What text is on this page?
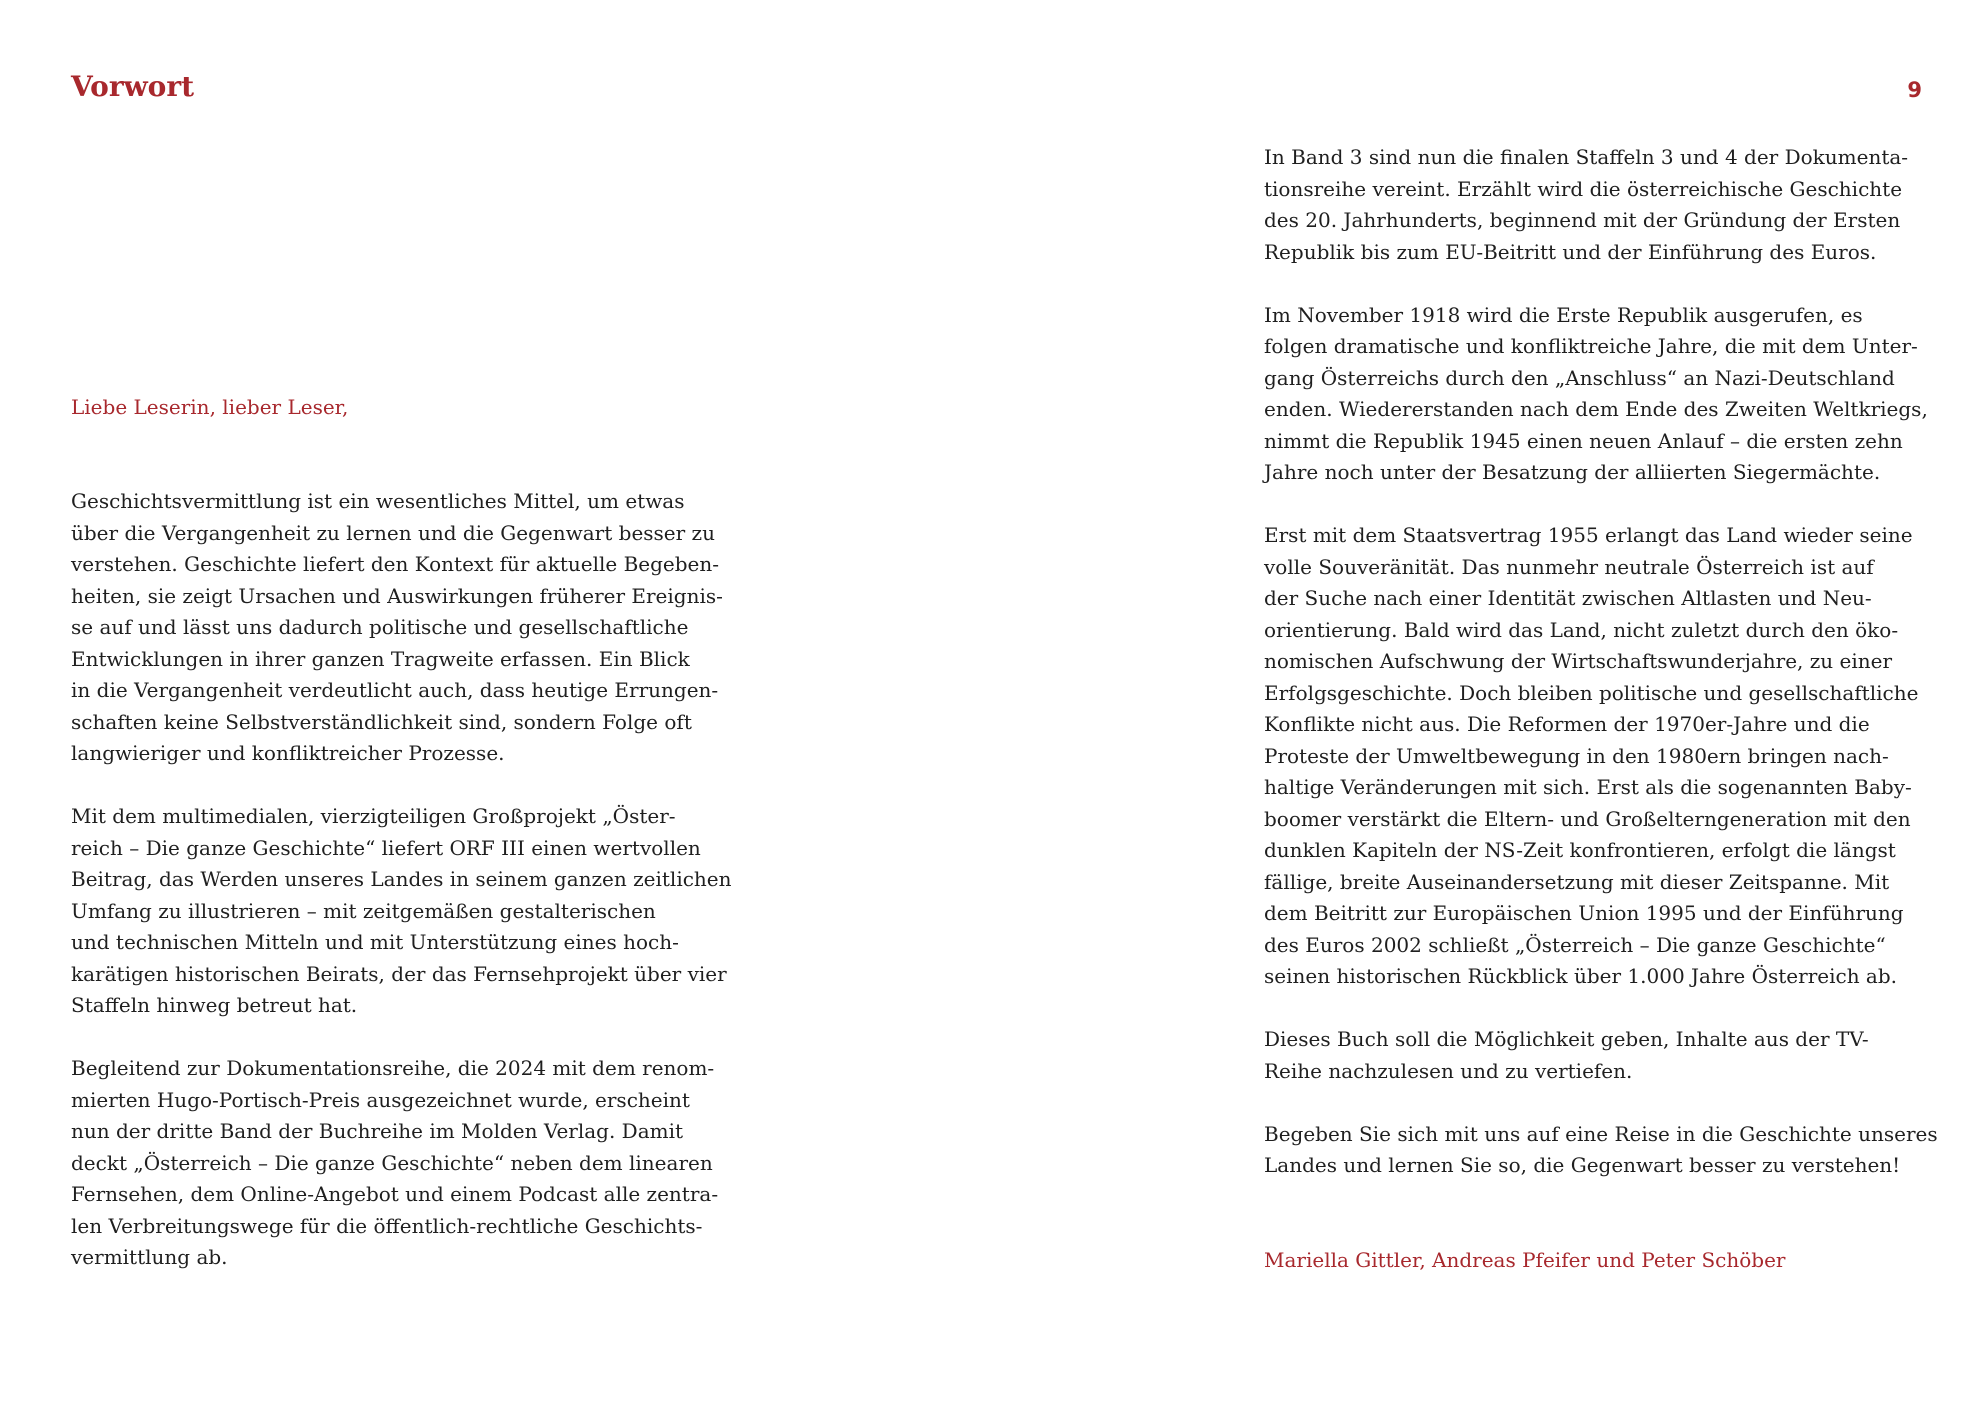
Vorwort	9
Liebe Leserin, lieber Leser,

Geschichtsvermittlung ist ein wesentliches Mittel, um etwas
über die Vergangenheit zu lernen und die Gegenwart besser zu
verstehen. Geschichte liefert den Kontext für aktuelle Begeben-
heiten, sie zeigt Ursachen und Auswirkungen früherer Ereignis-
se auf und lässt uns dadurch politische und gesellschaftliche
Entwicklungen in ihrer ganzen Tragweite erfassen. Ein Blick
in die Vergangenheit verdeutlicht auch, dass heutige Errungen-
schaften keine Selbstverständlichkeit sind, sondern Folge oft
langwieriger und konfliktreicher Prozesse.

Mit dem multimedialen, vierzigteiligen Großprojekt „Öster-
reich – Die ganze Geschichte“ liefert ORF III einen wertvollen
Beitrag, das Werden unseres Landes in seinem ganzen zeitlichen
Umfang zu illustrieren – mit zeitgemäßen gestalterischen
und technischen Mitteln und mit Unterstützung eines hoch-
karätigen historischen Beirats, der das Fernsehprojekt über vier
Staffeln hinweg betreut hat.

Begleitend zur Dokumentationsreihe, die 2024 mit dem renom-
mierten Hugo-Portisch-Preis ausgezeichnet wurde, erscheint
nun der dritte Band der Buchreihe im Molden Verlag. Damit
deckt „Österreich – Die ganze Geschichte“ neben dem linearen
Fernsehen, dem Online-Angebot und einem Podcast alle zentra-
len Verbreitungswege für die öffentlich-rechtliche Geschichts-
vermittlung ab.

In Band 3 sind nun die finalen Staffeln 3 und 4 der Dokumenta-
tionsreihe vereint. Erzählt wird die österreichische Geschichte
des 20. Jahrhunderts, beginnend mit der Gründung der Ersten
Republik bis zum EU-Beitritt und der Einführung des Euros.

Im November 1918 wird die Erste Republik ausgerufen, es
folgen dramatische und konfliktreiche Jahre, die mit dem Unter-
gang Österreichs durch den „Anschluss“ an Nazi-Deutschland
enden. Wiedererstanden nach dem Ende des Zweiten Weltkriegs,
nimmt die Republik 1945 einen neuen Anlauf – die ersten zehn
Jahre noch unter der Besatzung der alliierten Siegermächte.

Erst mit dem Staatsvertrag 1955 erlangt das Land wieder seine
volle Souveränität. Das nunmehr neutrale Österreich ist auf
der Suche nach einer Identität zwischen Altlasten und Neu-
orientierung. Bald wird das Land, nicht zuletzt durch den öko-
nomischen Aufschwung der Wirtschaftswunderjahre, zu einer
Erfolgsgeschichte. Doch bleiben politische und gesellschaftliche
Konflikte nicht aus. Die Reformen der 1970er-Jahre und die
Proteste der Umweltbewegung in den 1980ern bringen nach-
haltige Veränderungen mit sich. Erst als die sogenannten Baby-
boomer verstärkt die Eltern- und Großelterngeneration mit den
dunklen Kapiteln der NS-Zeit konfrontieren, erfolgt die längst
fällige, breite Auseinandersetzung mit dieser Zeitspanne. Mit
dem Beitritt zur Europäischen Union 1995 und der Einführung
des Euros 2002 schließt „Österreich – Die ganze Geschichte“
seinen historischen Rückblick über 1.000 Jahre Österreich ab.

Dieses Buch soll die Möglichkeit geben, Inhalte aus der TV-
Reihe nachzulesen und zu vertiefen.

Begeben Sie sich mit uns auf eine Reise in die Geschichte unseres
Landes und lernen Sie so, die Gegenwart besser zu verstehen!

Mariella Gittler, Andreas Pfeifer und Peter Schöber
